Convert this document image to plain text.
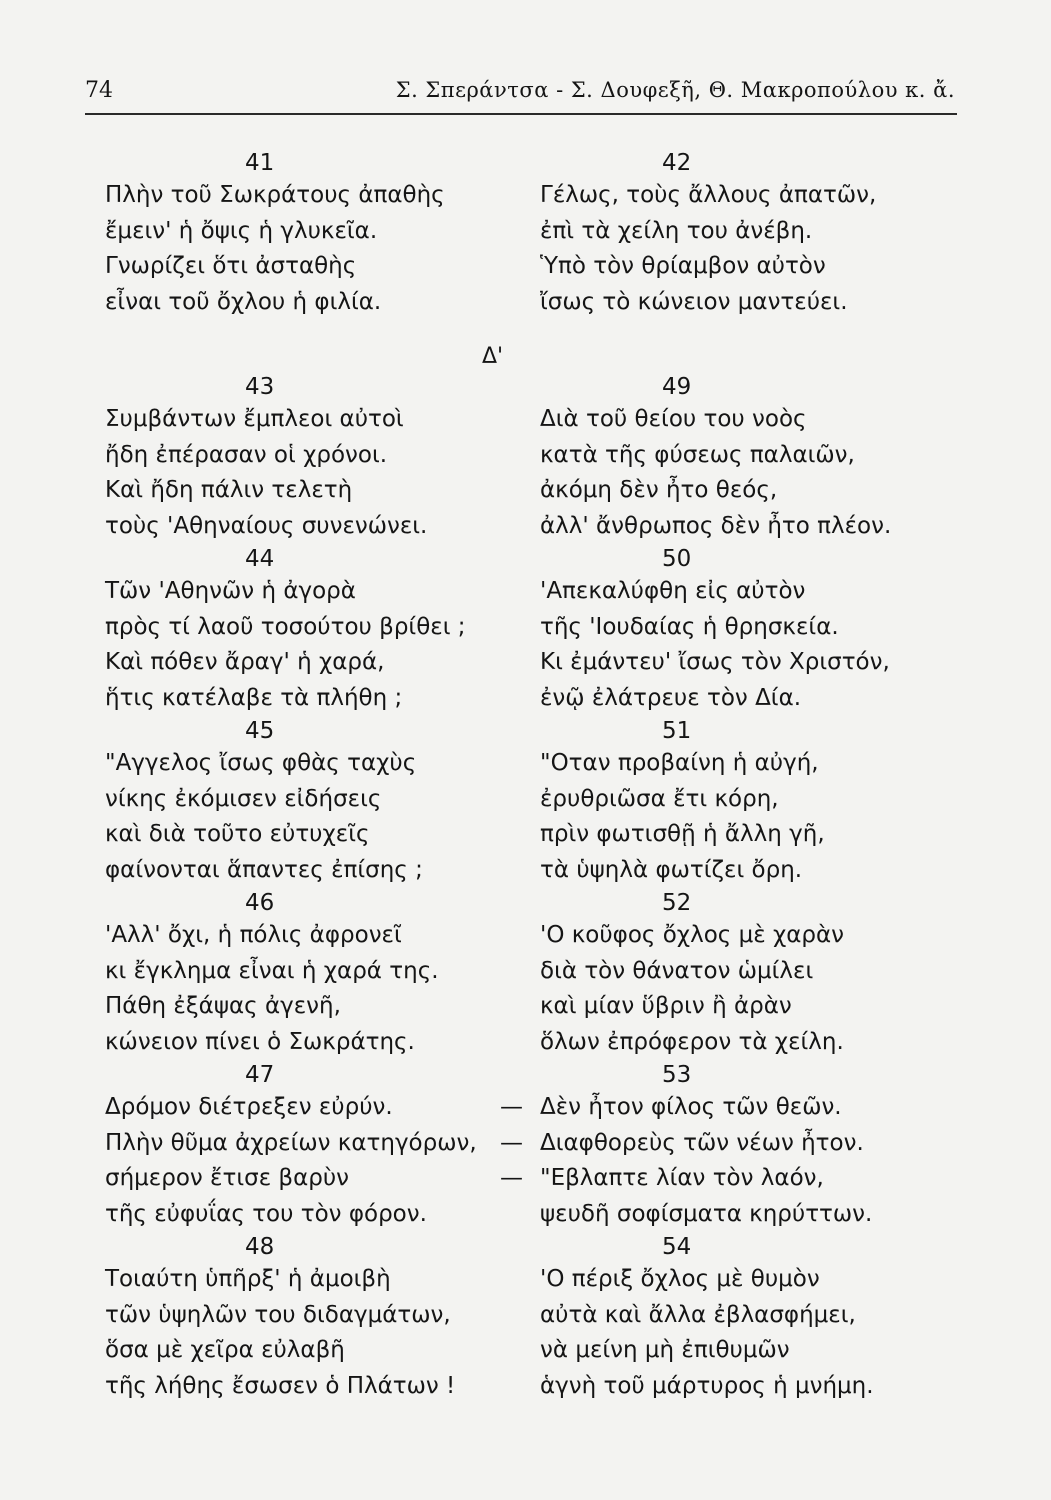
74	Σ. Σπεράντσα - Σ. Δουφεξῆ, Θ. Μακροπούλου κ. ἄ.
Δ'
41
Πλὴν τοῦ Σωκράτους ἀπαθὴς
ἔμειν' ἡ ὄψις ἡ γλυκεῖα.
Γνωρίζει ὅτι ἀσταθὴς
εἶναι τοῦ ὄχλου ἡ φιλία.
43
Συμβάντων ἔμπλεοι αὐτοὶ
ἤδη ἐπέρασαν οἱ χρόνοι.
Καὶ ἤδη πάλιν τελετὴ
τοὺς 'Αθηναίους συνενώνει.
44
Τῶν 'Αθηνῶν ἡ ἀγορὰ
πρὸς τί λαοῦ τοσούτου βρίθει ;
Καὶ πόθεν ἄραγ' ἡ χαρά,
ἥτις κατέλαβε τὰ πλήθη ;
45
"Αγγελος ἴσως φθὰς ταχὺς
νίκης ἐκόμισεν εἰδήσεις
καὶ διὰ τοῦτο εὐτυχεῖς
φαίνονται ἅπαντες ἐπίσης ;
46
'Αλλ' ὄχι, ἡ πόλις ἀφρονεῖ
κι ἔγκλημα εἶναι ἡ χαρά της.
Πάθη ἐξάψας ἀγενῆ,
κώνειον πίνει ὁ Σωκράτης.
47
Δρόμον διέτρεξεν εὐρύν.
Πλὴν θῦμα ἀχρείων κατηγόρων,
σήμερον ἔτισε βαρὺν
τῆς εὐφυΐας του τὸν φόρον.
48
Τοιαύτη ὑπῆρξ' ἡ ἀμοιβὴ
τῶν ὑψηλῶν του διδαγμάτων,
ὅσα μὲ χεῖρα εὐλαβῆ
τῆς λήθης ἔσωσεν ὁ Πλάτων !
42
Γέλως, τοὺς ἄλλους ἀπατῶν,
ἐπὶ τὰ χείλη του ἀνέβη.
Ὑπὸ τὸν θρίαμβον αὐτὸν
ἴσως τὸ κώνειον μαντεύει.
49
Διὰ τοῦ θείου του νοὸς
κατὰ τῆς φύσεως παλαιῶν,
ἀκόμη δὲν ἦτο θεός,
ἀλλ' ἄνθρωπος δὲν ἦτο πλέον.
50
'Απεκαλύφθη εἰς αὐτὸν
τῆς 'Ιουδαίας ἡ θρησκεία.
Κι ἐμάντευ' ἴσως τὸν Χριστόν,
ἐνῷ ἐλάτρευε τὸν Δία.
51
"Οταν προβαίνη ἡ αὐγή,
ἐρυθριῶσα ἔτι κόρη,
πρὶν φωτισθῇ ἡ ἄλλη γῆ,
τὰ ὑψηλὰ φωτίζει ὄρη.
52
'Ο κοῦφος ὄχλος μὲ χαρὰν
διὰ τὸν θάνατον ὡμίλει
καὶ μίαν ὕβριν ἢ ἀρὰν
ὅλων ἐπρόφερον τὰ χείλη.
53
— Δὲν ἦτον φίλος τῶν θεῶν.
— Διαφθορεὺς τῶν νέων ἦτον.
— "Εβλαπτε λίαν τὸν λαόν,
ψευδῆ σοφίσματα κηρύττων.
54
'Ο πέριξ ὄχλος μὲ θυμὸν
αὐτὰ καὶ ἄλλα ἐβλασφήμει,
νὰ μείνη μὴ ἐπιθυμῶν
ἁγνὴ τοῦ μάρτυρος ἡ μνήμη.
